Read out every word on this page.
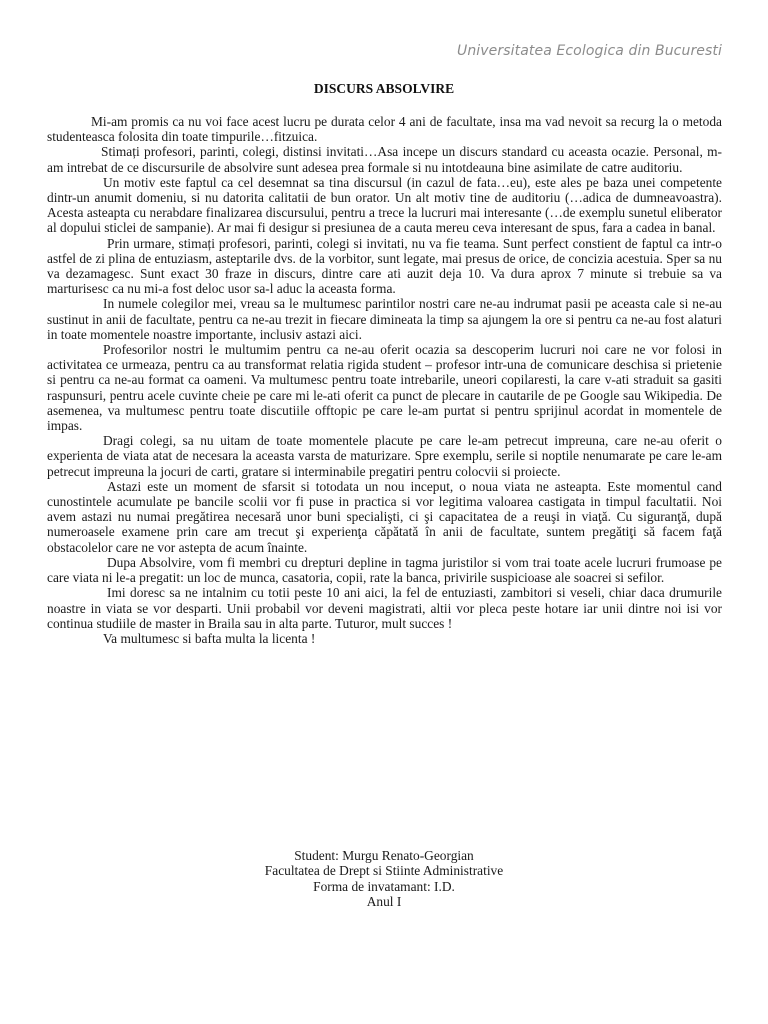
Universitatea Ecologica din Bucuresti
DISCURS ABSOLVIRE

Mi-am promis ca nu voi face acest lucru pe durata celor 4 ani de facultate, insa ma vad nevoit sa recurg la o metoda studenteasca folosita din toate timpurile…fitzuica.

Stimați profesori, parinti, colegi, distinsi invitati…Asa incepe un discurs standard cu aceasta ocazie. Personal, m-am intrebat de ce discursurile de absolvire sunt adesea prea formale si nu intotdeauna bine asimilate de catre auditoriu.

Un motiv este faptul ca cel desemnat sa tina discursul (in cazul de fata…eu), este ales pe baza unei competente dintr-un anumit domeniu, si nu datorita calitatii de bun orator. Un alt motiv tine de auditoriu (…adica de dumneavoastra). Acesta asteapta cu nerabdare finalizarea discursului, pentru a trece la lucruri mai interesante (…de exemplu sunetul eliberator al dopului sticlei de sampanie). Ar mai fi desigur si presiunea de a cauta mereu ceva interesant de spus, fara a cadea in banal.

Prin urmare, stimați profesori, parinti, colegi si invitati, nu va fie teama. Sunt perfect constient de faptul ca intr-o astfel de zi plina de entuziasm, asteptarile dvs. de la vorbitor, sunt legate, mai presus de orice, de concizia acestuia. Sper sa nu va dezamagesc. Sunt exact 30 fraze in discurs, dintre care ati auzit deja 10. Va dura aprox 7 minute si trebuie sa va marturisesc ca nu mi-a fost deloc usor sa-l aduc la aceasta forma.

In numele colegilor mei, vreau sa le multumesc parintilor nostri care ne-au indrumat pasii pe aceasta cale si ne-au sustinut in anii de facultate, pentru ca ne-au trezit in fiecare dimineata la timp sa ajungem la ore si pentru ca ne-au fost alaturi in toate momentele noastre importante, inclusiv astazi aici.

Profesorilor nostri le multumim pentru ca ne-au oferit ocazia sa descoperim lucruri noi care ne vor folosi in activitatea ce urmeaza, pentru ca au transformat relatia rigida student – profesor intr-una de comunicare deschisa si prietenie si pentru ca ne-au format ca oameni. Va multumesc pentru toate intrebarile, uneori copilaresti, la care v-ati straduit sa gasiti raspunsuri, pentru acele cuvinte cheie pe care mi le-ati oferit ca punct de plecare in cautarile de pe Google sau Wikipedia. De asemenea, va multumesc pentru toate discutiile offtopic pe care le-am purtat si pentru sprijinul acordat in momentele de impas.

Dragi colegi, sa nu uitam de toate momentele placute pe care le-am petrecut impreuna, care ne-au oferit o experienta de viata atat de necesara la aceasta varsta de maturizare. Spre exemplu, serile si noptile nenumarate pe care le-am petrecut impreuna la jocuri de carti, gratare si interminabile pregatiri pentru colocvii si proiecte.

Astazi este un moment de sfarsit si totodata un nou inceput, o noua viata ne asteapta. Este momentul cand cunostintele acumulate pe bancile scolii vor fi puse in practica si vor legitima valoarea castigata in timpul facultatii. Noi avem astazi nu numai pregătirea necesară unor buni specialişti, ci şi capacitatea de a reuşi in viaţă. Cu siguranţă, după numeroasele examene prin care am trecut şi experienţa căpătată în anii de facultate, suntem pregătiţi să facem faţă obstacolelor care ne vor astepta de acum înainte.

Dupa Absolvire, vom fi membri cu drepturi depline in tagma juristilor si vom trai toate acele lucruri frumoase pe care viata ni le-a pregatit: un loc de munca, casatoria, copii, rate la banca, privirile suspicioase ale soacrei si sefilor.

Imi doresc sa ne intalnim cu totii peste 10 ani aici, la fel de entuziasti, zambitori si veseli, chiar daca drumurile noastre in viata se vor desparti. Unii probabil vor deveni magistrati, altii vor pleca peste hotare iar unii dintre noi isi vor continua studiile de master in Braila sau in alta parte. Tuturor, mult succes !

Va multumesc si bafta multa la licenta !

Student: Murgu Renato-Georgian
Facultatea de Drept si Stiinte Administrative
Forma de invatamant: I.D.
Anul I
